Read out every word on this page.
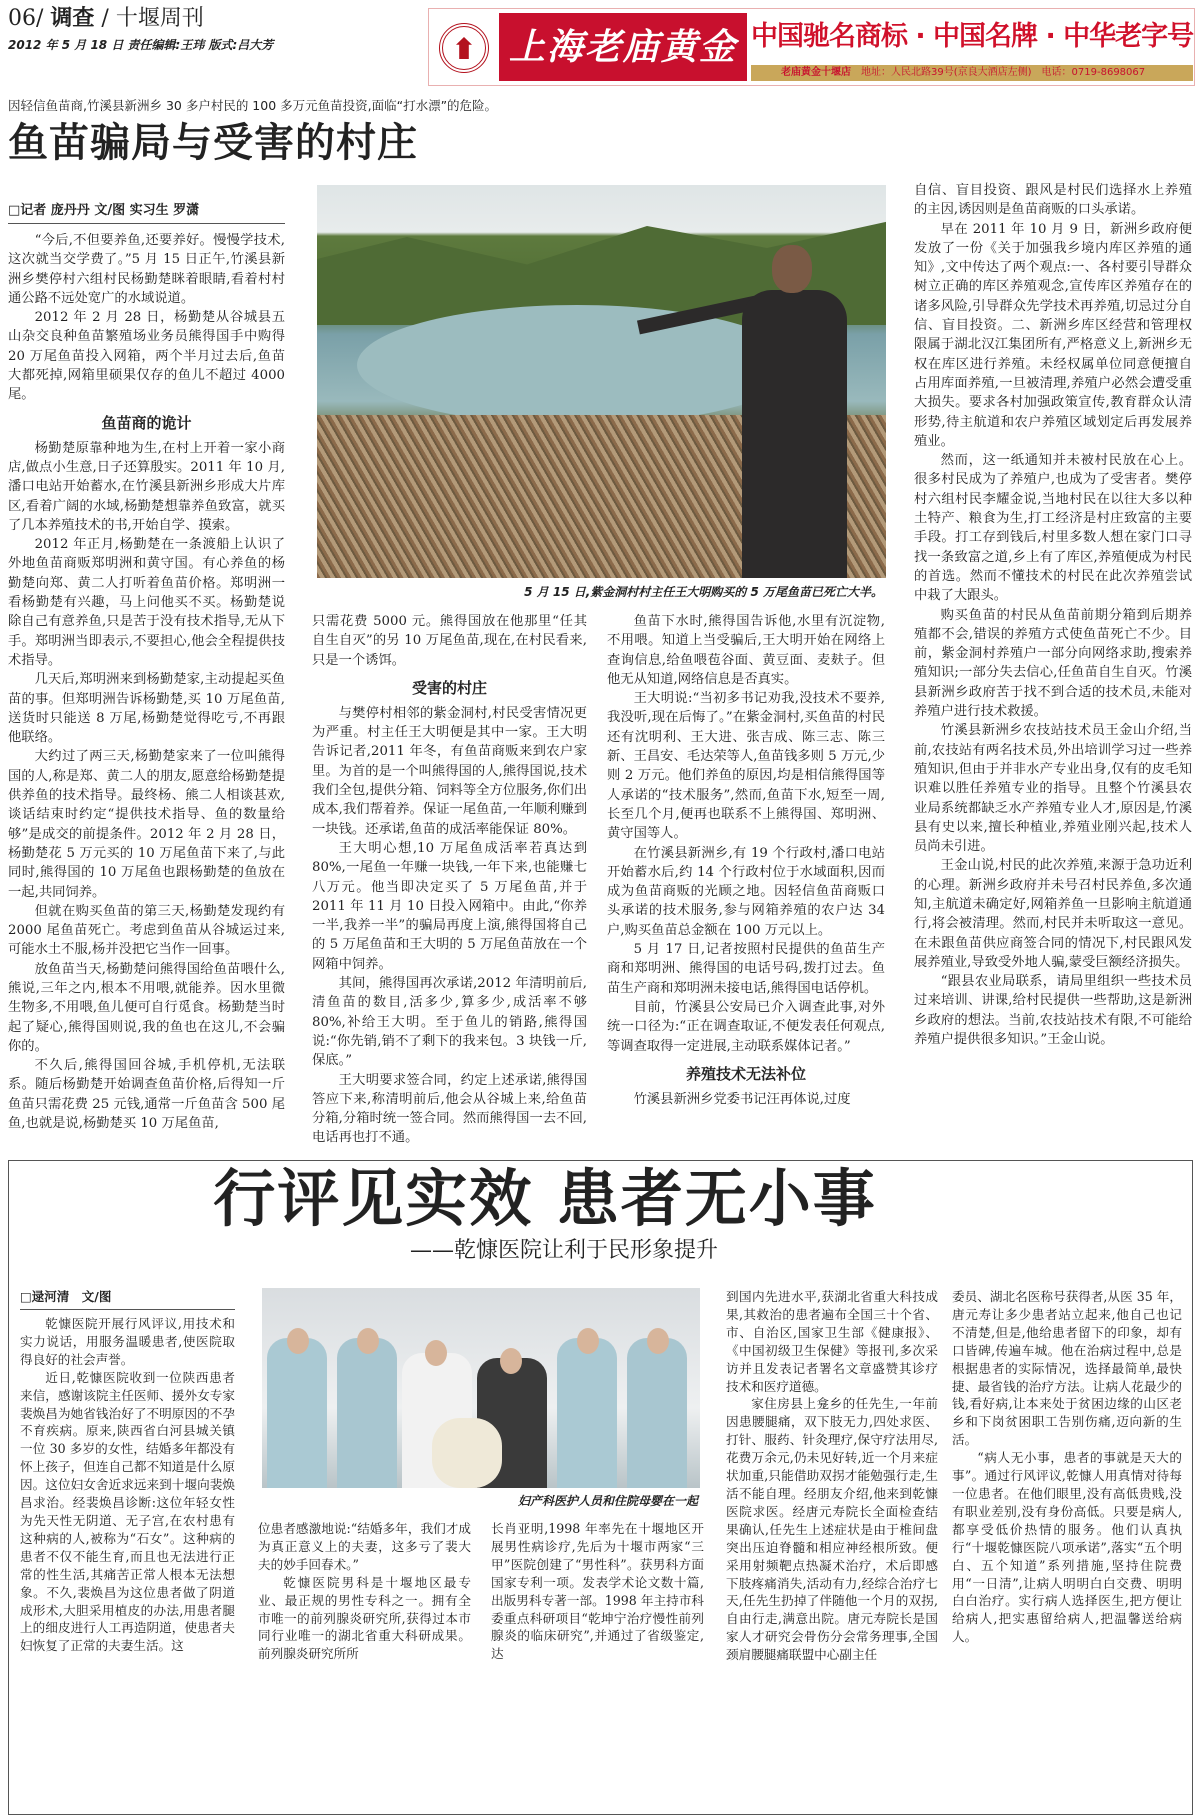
06/ 调查 / 十堰周刊
2012 年 5 月 18 日 责任编辑:王玮 版式:吕大芳	上海老庙黄金 中国驰名商标 · 中国名牌 · 中华老字号
老庙黄金十堰店　 地址：人民北路39号(京良大酒店左侧)　 电话：0719-8698067
因轻信鱼苗商,竹溪县新洲乡 30 多户村民的 100 多万元鱼苗投资,面临“打水漂”的危险。
鱼苗骗局与受害的村庄
□记者 庞丹丹 文/图 实习生 罗潇

“今后,不但要养鱼,还要养好。慢慢学技术,这次就当交学费了。”5 月 15 日正午,竹溪县新洲乡樊停村六组村民杨勤楚眯着眼睛,看着村村通公路不远处宽广的水域说道。

2012 年 2 月 28 日，杨勤楚从谷城县五山杂交良种鱼苗繁殖场业务员熊得国手中购得 20 万尾鱼苗投入网箱，两个半月过去后,鱼苗大都死掉,网箱里硕果仅存的鱼儿不超过 4000 尾。

鱼苗商的诡计

杨勤楚原靠种地为生,在村上开着一家小商店,做点小生意,日子还算殷实。2011 年 10 月,潘口电站开始蓄水,在竹溪县新洲乡形成大片库区,看着广阔的水域,杨勤楚想靠养鱼致富，就买了几本养殖技术的书,开始自学、摸索。

2012 年正月,杨勤楚在一条渡船上认识了外地鱼苗商贩郑明洲和黄守国。有心养鱼的杨勤楚向郑、黄二人打听着鱼苗价格。郑明洲一看杨勤楚有兴趣，马上问他买不买。杨勤楚说除自己有意养鱼,只是苦于没有技术指导,无从下手。郑明洲当即表示,不要担心,他会全程提供技术指导。

几天后,郑明洲来到杨勤楚家,主动提起买鱼苗的事。但郑明洲告诉杨勤楚,买 10 万尾鱼苗,送货时只能送 8 万尾,杨勤楚觉得吃亏,不再跟他联络。

大约过了两三天,杨勤楚家来了一位叫熊得国的人,称是郑、黄二人的朋友,愿意给杨勤楚提供养鱼的技术指导。最终杨、熊二人相谈甚欢,谈话结束时约定“提供技术指导、鱼的数量给够”是成交的前提条件。2012 年 2 月 28 日，杨勤楚花 5 万元买的 10 万尾鱼苗下来了,与此同时,熊得国的 10 万尾鱼也跟杨勤楚的鱼放在一起,共同饲养。

但就在购买鱼苗的第三天,杨勤楚发现约有 2000 尾鱼苗死亡。考虑到鱼苗从谷城运过来,可能水土不服,杨并没把它当作一回事。

放鱼苗当天,杨勤楚问熊得国给鱼苗喂什么,熊说,三年之内,根本不用喂,就能养。因水里微生物多,不用喂,鱼儿便可自行觅食。杨勤楚当时起了疑心,熊得国则说,我的鱼也在这儿,不会骗你的。

不久后,熊得国回谷城,手机停机,无法联系。随后杨勤楚开始调查鱼苗价格,后得知一斤鱼苗只需花费 25 元钱,通常一斤鱼苗含 500 尾鱼,也就是说,杨勤楚买 10 万尾鱼苗,

5 月 15 日,紫金洞村村主任王大明购买的 5 万尾鱼苗已死亡大半。

只需花费 5000 元。熊得国放在他那里“任其自生自灭”的另 10 万尾鱼苗,现在,在村民看来,只是一个诱饵。

受害的村庄

与樊停村相邻的紫金洞村,村民受害情况更为严重。村主任王大明便是其中一家。王大明告诉记者,2011 年冬，有鱼苗商贩来到农户家里。为首的是一个叫熊得国的人,熊得国说,技术我们全包,提供分箱、饲料等全方位服务,你们出成本,我们帮着养。保证一尾鱼苗,一年顺利赚到一块钱。还承诺,鱼苗的成活率能保证 80%。

王大明心想,10 万尾鱼成活率若真达到 80%,一尾鱼一年赚一块钱,一年下来,也能赚七八万元。他当即决定买了 5 万尾鱼苗,并于 2011 年 11 月 10 日投入网箱中。由此,“你养一半,我养一半”的骗局再度上演,熊得国将自己的 5 万尾鱼苗和王大明的 5 万尾鱼苗放在一个网箱中饲养。

其间，熊得国再次承诺,2012 年清明前后,清鱼苗的数目,活多少,算多少,成活率不够 80%,补给王大明。至于鱼儿的销路,熊得国说:“你先销,销不了剩下的我来包。3 块钱一斤,保底。”

王大明要求签合同，约定上述承诺,熊得国答应下来,称清明前后,他会从谷城上来,给鱼苗分箱,分箱时统一签合同。然而熊得国一去不回,电话再也打不通。

鱼苗下水时,熊得国告诉他,水里有沉淀物,不用喂。知道上当受骗后,王大明开始在网络上查询信息,给鱼喂苞谷面、黄豆面、麦麸子。但他无从知道,网络信息是否真实。

王大明说:“当初多书记劝我,没技术不要养,我没听,现在后悔了。”在紫金洞村,买鱼苗的村民还有沈明利、王大进、张吉成、陈三志、陈三新、王昌安、毛达荣等人,鱼苗钱多则 5 万元,少则 2 万元。他们养鱼的原因,均是相信熊得国等人承诺的“技术服务”,然而,鱼苗下水,短至一周,长至几个月,便再也联系不上熊得国、郑明洲、黄守国等人。

在竹溪县新洲乡,有 19 个行政村,潘口电站开始蓄水后,约 14 个行政村位于水域面积,因而成为鱼苗商贩的光顾之地。因轻信鱼苗商贩口头承诺的技术服务,参与网箱养殖的农户达 34 户,购买鱼苗总金额在 100 万元以上。

5 月 17 日,记者按照村民提供的鱼苗生产商和郑明洲、熊得国的电话号码,拨打过去。鱼苗生产商和郑明洲未接电话,熊得国电话停机。

目前，竹溪县公安局已介入调查此事,对外统一口径为:“正在调查取证,不便发表任何观点,等调查取得一定进展,主动联系媒体记者。”

养殖技术无法补位

竹溪县新洲乡党委书记汪再体说,过度

自信、盲目投资、跟风是村民们选择水上养殖的主因,诱因则是鱼苗商贩的口头承诺。

早在 2011 年 10 月 9 日，新洲乡政府便发放了一份《关于加强我乡境内库区养殖的通知》,文中传达了两个观点:一、各村要引导群众树立正确的库区养殖观念,宣传库区养殖存在的诸多风险,引导群众先学技术再养殖,切忌过分自信、盲目投资。二、新洲乡库区经营和管理权限属于湖北汉江集团所有,严格意义上,新洲乡无权在库区进行养殖。未经权属单位同意便擅自占用库面养殖,一旦被清理,养殖户必然会遭受重大损失。要求各村加强政策宣传,教育群众认清形势,待主航道和农户养殖区域划定后再发展养殖业。

然而，这一纸通知并未被村民放在心上。很多村民成为了养殖户,也成为了受害者。樊停村六组村民李耀金说,当地村民在以往大多以种土特产、粮食为生,打工经济是村庄致富的主要手段。打工存到钱后,村里多数人想在家门口寻找一条致富之道,乡上有了库区,养殖便成为村民的首选。然而不懂技术的村民在此次养殖尝试中栽了大跟头。

购买鱼苗的村民从鱼苗前期分箱到后期养殖都不会,错误的养殖方式使鱼苗死亡不少。目前，紫金洞村养殖户一部分向网络求助,搜索养殖知识;一部分失去信心,任鱼苗自生自灭。竹溪县新洲乡政府苦于找不到合适的技术员,未能对养殖户进行技术救援。

竹溪县新洲乡农技站技术员王金山介绍,当前,农技站有两名技术员,外出培训学习过一些养殖知识,但由于并非水产专业出身,仅有的皮毛知识难以胜任养殖专业的指导。且整个竹溪县农业局系统都缺乏水产养殖专业人才,原因是,竹溪县有史以来,擅长种植业,养殖业刚兴起,技术人员尚未引进。

王金山说,村民的此次养殖,来源于急功近利的心理。新洲乡政府并未号召村民养鱼,多次通知,主航道未确定好,网箱养鱼一旦影响主航道通行,将会被清理。然而,村民并未听取这一意见。在未跟鱼苗供应商签合同的情况下,村民跟风发展养殖业,导致受外地人骗,蒙受巨额经济损失。

“跟县农业局联系，请局里组织一些技术员过来培训、讲课,给村民提供一些帮助,这是新洲乡政府的想法。当前,农技站技术有限,不可能给养殖户提供很多知识。”王金山说。

行评见实效 患者无小事
——乾慷医院让利于民形象提升
□逯河清　文/图

乾慷医院开展行风评议,用技术和实力说话，用服务温暖患者,使医院取得良好的社会声誉。

近日,乾慷医院收到一位陕西患者来信，感谢该院主任医师、援外女专家裴焕昌为她省钱治好了不明原因的不孕不育疾病。原来,陕西省白河县城关镇一位 30 多岁的女性，结婚多年都没有怀上孩子，但连自己都不知道是什么原因。这位妇女舍近求远来到十堰向裴焕昌求治。经裴焕昌诊断:这位年轻女性为先天性无阴道、无子宫,在农村患有这种病的人,被称为“石女”。这种病的患者不仅不能生育,而且也无法进行正常的性生活,其痛苦正常人根本无法想象。不久,裴焕昌为这位患者做了阴道成形术,大胆采用植皮的办法,用患者腿上的细皮进行人工再造阴道，使患者夫妇恢复了正常的夫妻生活。这

妇产科医护人员和住院母婴在一起

位患者感激地说:“结婚多年，我们才成为真正意义上的夫妻，这多亏了裴大夫的妙手回春术。”

乾慷医院男科是十堰地区最专业、最正规的男性专科之一。拥有全市唯一的前列腺炎研究所,获得过本市同行业唯一的湖北省重大科研成果。前列腺炎研究所所

长肖亚明,1998 年率先在十堰地区开展男性病诊疗,先后为十堰市两家“三甲”医院创建了“男性科”。获男科方面国家专利一项。发表学术论文数十篇,出版男科专著一部。1998 年主持市科委重点科研项目“乾坤宁治疗慢性前列腺炎的临床研究”,并通过了省级鉴定,达

到国内先进水平,获湖北省重大科技成果,其救治的患者遍布全国三十个省、市、自治区,国家卫生部《健康报》、《中国初级卫生保健》等报刊,多次采访并且发表记者署名文章盛赞其诊疗技术和医疗道德。

家住房县上龛乡的任先生,一年前因患腰腿痛，双下肢无力,四处求医、打针、服药、针灸理疗,保守疗法用尽,花费万余元,仍未见好转,近一个月来症状加重,只能借助双拐才能勉强行走,生活不能自理。经朋友介绍,他来到乾慷医院求医。经唐元寿院长全面检查结果确认,任先生上述症状是由于椎间盘突出压迫脊髓和相应神经根所致。便采用射频靶点热凝术治疗，术后即感下肢疼痛消失,活动有力,经综合治疗七天,任先生扔掉了伴随他一个月的双拐,自由行走,满意出院。唐元寿院长是国家人才研究会骨伤分会常务理事,全国颈肩腰腿痛联盟中心副主任

委员、湖北名医称号获得者,从医 35 年，唐元寿让多少患者站立起来,他自己也记不清楚,但是,他给患者留下的印象，却有口皆碑,传遍车城。他在治病过程中,总是根据患者的实际情况，选择最简单,最快捷、最省钱的治疗方法。让病人花最少的钱,看好病,让本来处于贫困边缘的山区老乡和下岗贫困职工告别伤痛,迈向新的生活。

“病人无小事，患者的事就是天大的事”。通过行风评议,乾慷人用真情对待每一位患者。在他们眼里,没有高低贵贱,没有职业差别,没有身份高低。只要是病人,都享受低价热情的服务。他们认真执行“十堰乾慷医院八项承诺”,落实“五个明白、五个知道”系列措施,坚持住院费用“一日清”,让病人明明白白交费、明明白白治疗。实行病人选择医生,把方便让给病人,把实惠留给病人,把温馨送给病人。
